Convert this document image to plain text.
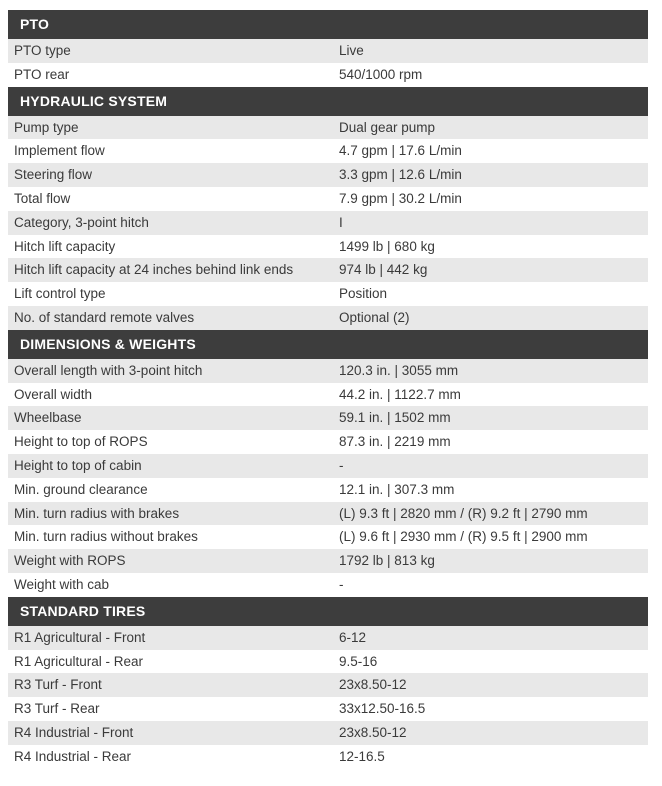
PTO
PTO type	Live
PTO rear	540/1000 rpm
HYDRAULIC SYSTEM
Pump type	Dual gear pump
Implement flow	4.7 gpm | 17.6 L/min
Steering flow	3.3 gpm | 12.6 L/min
Total flow	7.9 gpm | 30.2 L/min
Category, 3-point hitch	I
Hitch lift capacity	1499 lb | 680 kg
Hitch lift capacity at 24 inches behind link ends	974 lb | 442 kg
Lift control type	Position
No. of standard remote valves	Optional (2)
DIMENSIONS & WEIGHTS
Overall length with 3-point hitch	120.3 in. | 3055 mm
Overall width	44.2 in. | 1122.7 mm
Wheelbase	59.1 in. | 1502 mm
Height to top of ROPS	87.3 in. | 2219 mm
Height to top of cabin	-
Min. ground clearance	12.1 in. | 307.3 mm
Min. turn radius with brakes	(L) 9.3 ft | 2820 mm / (R) 9.2 ft | 2790 mm
Min. turn radius without brakes	(L) 9.6 ft | 2930 mm / (R) 9.5 ft | 2900 mm
Weight with ROPS	1792 lb | 813 kg
Weight with cab	-
STANDARD TIRES
R1 Agricultural - Front	6-12
R1 Agricultural - Rear	9.5-16
R3 Turf - Front	23x8.50-12
R3 Turf - Rear	33x12.50-16.5
R4 Industrial - Front	23x8.50-12
R4 Industrial - Rear	12-16.5
